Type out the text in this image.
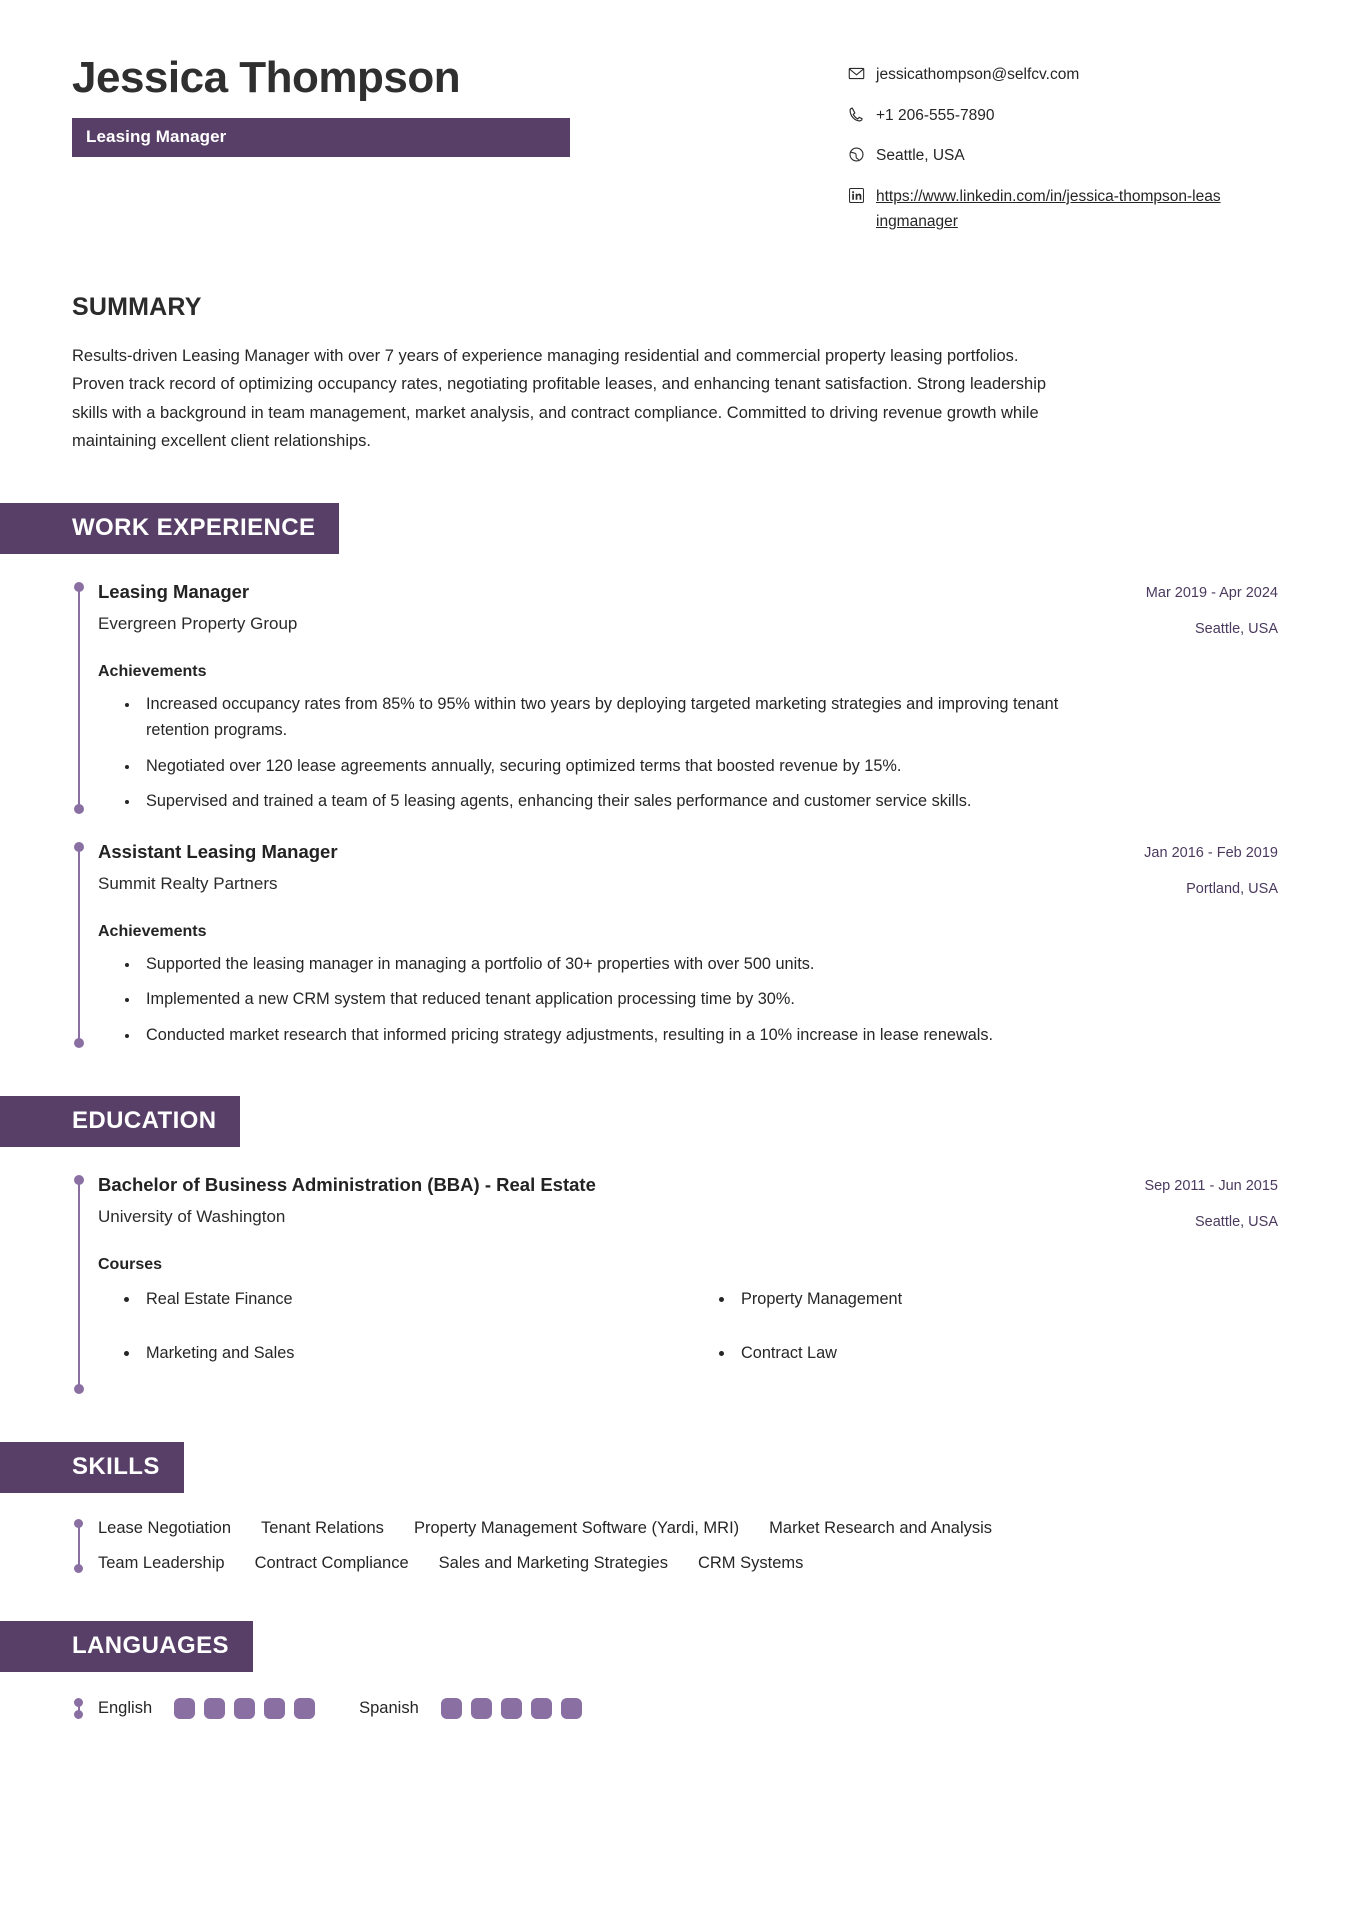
Jessica Thompson
Leasing Manager
jessicathompson@selfcv.com
+1 206-555-7890
Seattle, USA
https://www.linkedin.com/in/jessica-thompson-leasingmanager
SUMMARY
Results-driven Leasing Manager with over 7 years of experience managing residential and commercial property leasing portfolios. Proven track record of optimizing occupancy rates, negotiating profitable leases, and enhancing tenant satisfaction. Strong leadership skills with a background in team management, market analysis, and contract compliance. Committed to driving revenue growth while maintaining excellent client relationships.
WORK EXPERIENCE
Leasing Manager
Evergreen Property Group
Mar 2019 - Apr 2024
Seattle, USA
Achievements
• Increased occupancy rates from 85% to 95% within two years by deploying targeted marketing strategies and improving tenant retention programs.
• Negotiated over 120 lease agreements annually, securing optimized terms that boosted revenue by 15%.
• Supervised and trained a team of 5 leasing agents, enhancing their sales performance and customer service skills.
Assistant Leasing Manager
Summit Realty Partners
Jan 2016 - Feb 2019
Portland, USA
Achievements
• Supported the leasing manager in managing a portfolio of 30+ properties with over 500 units.
• Implemented a new CRM system that reduced tenant application processing time by 30%.
• Conducted market research that informed pricing strategy adjustments, resulting in a 10% increase in lease renewals.
EDUCATION
Bachelor of Business Administration (BBA) - Real Estate
University of Washington
Sep 2011 - Jun 2015
Seattle, USA
Courses
• Real Estate Finance
• Marketing and Sales
• Property Management
• Contract Law
SKILLS
Lease Negotiation Tenant Relations Property Management Software (Yardi, MRI) Market Research and Analysis
Team Leadership Contract Compliance Sales and Marketing Strategies CRM Systems
LANGUAGES
English	Spanish
